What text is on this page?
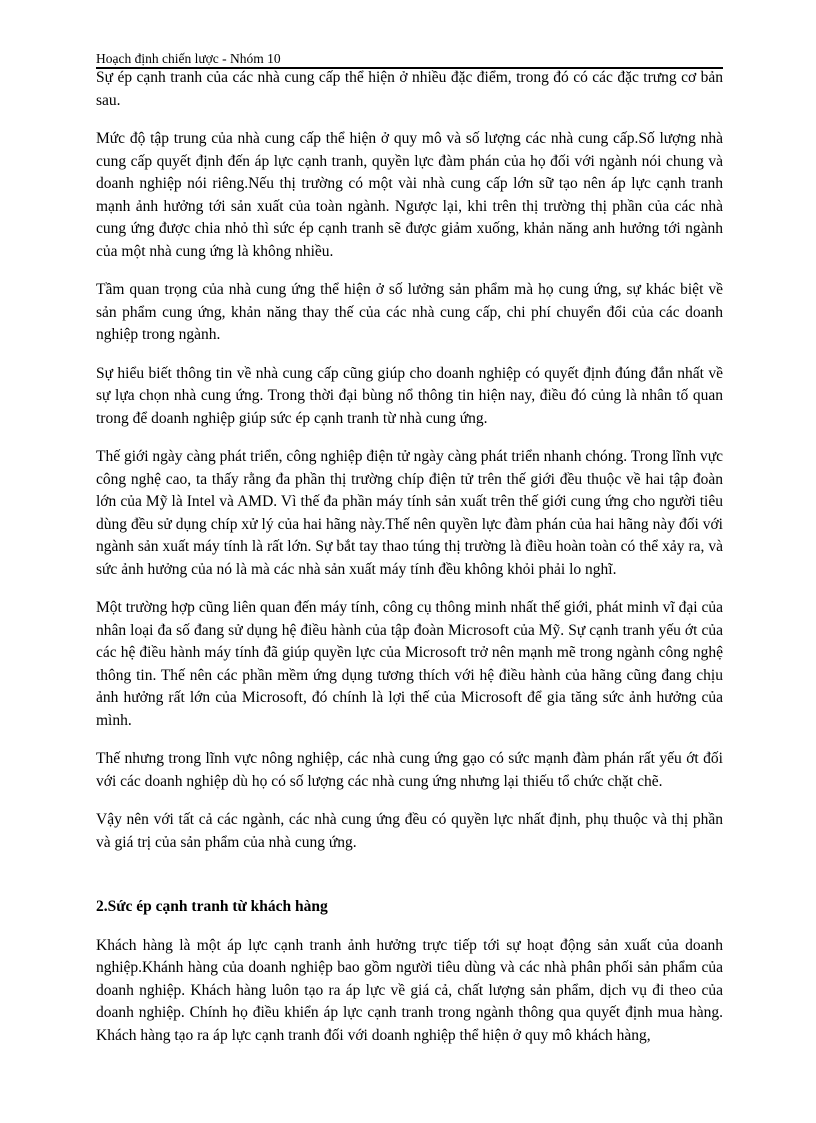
Hoạch định chiến lược - Nhóm 10

Sự ép cạnh tranh của các nhà cung cấp thể hiện ở nhiều đặc điểm, trong đó có các đặc trưng cơ bản sau.

Mức độ tập trung của nhà cung cấp thể hiện ở quy mô và số lượng các nhà cung cấp.Số lượng nhà cung cấp quyết định đến áp lực cạnh tranh, quyền lực đàm phán của họ đối với ngành nói chung và doanh nghiệp nói riêng.Nếu thị trường có một vài nhà cung cấp lớn sữ tạo nên áp lực cạnh tranh mạnh ảnh hưởng tới sản xuất của toàn ngành. Ngược lại, khi trên thị trường thị phần của các nhà cung ứng được chia nhỏ thì sức ép cạnh tranh sẽ được giảm xuống, khản năng anh hưởng tới ngành của một nhà cung ứng là không nhiều.

Tầm quan trọng của nhà cung ứng thể hiện ở số lưởng sản phẩm mà họ cung ứng, sự khác biệt về sản phẩm cung ứng, khản năng thay thế của các nhà cung cấp, chi phí chuyển đổi của các doanh nghiệp trong ngành.

Sự hiểu biết thông tin về nhà cung cấp cũng giúp cho doanh nghiệp có quyết định đúng đắn nhất về sự lựa chọn nhà cung ứng. Trong thời đại bùng nổ thông tin hiện nay, điều đó củng là nhân tố quan trong để doanh nghiệp giúp sức ép cạnh tranh từ nhà cung ứng.

Thế giới ngày càng phát triển, công nghiệp điện tử ngày càng phát triển nhanh chóng. Trong lĩnh vực công nghệ cao, ta thấy rằng đa phần thị trường chíp điện tử trên thế giới đều thuộc về hai tập đoàn lớn của Mỹ là Intel và AMD. Vì thế đa phần máy tính sản xuất trên thế giới cung ứng cho người tiêu dùng đều sử dụng chíp xử lý của hai hãng này.Thế nên quyền lực đàm phán của hai hãng này đối với ngành sản xuất máy tính là rất lớn. Sự bắt tay thao túng thị trường là điều hoàn toàn có thể xảy ra, và sức ảnh hưởng của nó là mà các nhà sản xuất máy tính đều không khỏi phải lo nghĩ.

Một trường hợp cũng liên quan đến máy tính, công cụ thông minh nhất thế giới, phát minh vĩ đại của nhân loại đa số đang sử dụng hệ điều hành của tập đoàn Microsoft của Mỹ. Sự cạnh tranh yếu ớt của các hệ điều hành máy tính đã giúp quyền lực của Microsoft trở nên mạnh mẽ trong ngành công nghệ thông tin. Thế nên các phần mềm ứng dụng tương thích với hệ điều hành của hãng cũng đang chịu ảnh hưởng rất lớn của Microsoft, đó chính là lợi thế của Microsoft để gia tăng sức ảnh hưởng của mình.

Thế nhưng trong lĩnh vực nông nghiệp, các nhà cung ứng gạo có sức mạnh đàm phán rất yếu ớt đối với các doanh nghiệp dù họ có số lượng các nhà cung ứng nhưng lại thiếu tổ chức chặt chẽ.

Vậy nên với tất cả các ngành, các nhà cung ứng đều có quyền lực nhất định, phụ thuộc và thị phần và giá trị của sản phẩm của nhà cung ứng.

2.Sức ép cạnh tranh từ khách hàng

Khách hàng là một áp lực cạnh tranh ảnh hưởng trực tiếp tới sự hoạt động sản xuất của doanh nghiệp.Khánh hàng của doanh nghiệp bao gồm người tiêu dùng và các nhà phân phối sản phẩm của doanh nghiệp. Khách hàng luôn tạo ra áp lực về giá cả, chất lượng sản phẩm, dịch vụ đi theo của doanh nghiệp. Chính họ điều khiển áp lực cạnh tranh trong ngành thông qua quyết định mua hàng. Khách hàng tạo ra áp lực cạnh tranh đối với doanh nghiệp thể hiện ở quy mô khách hàng,
